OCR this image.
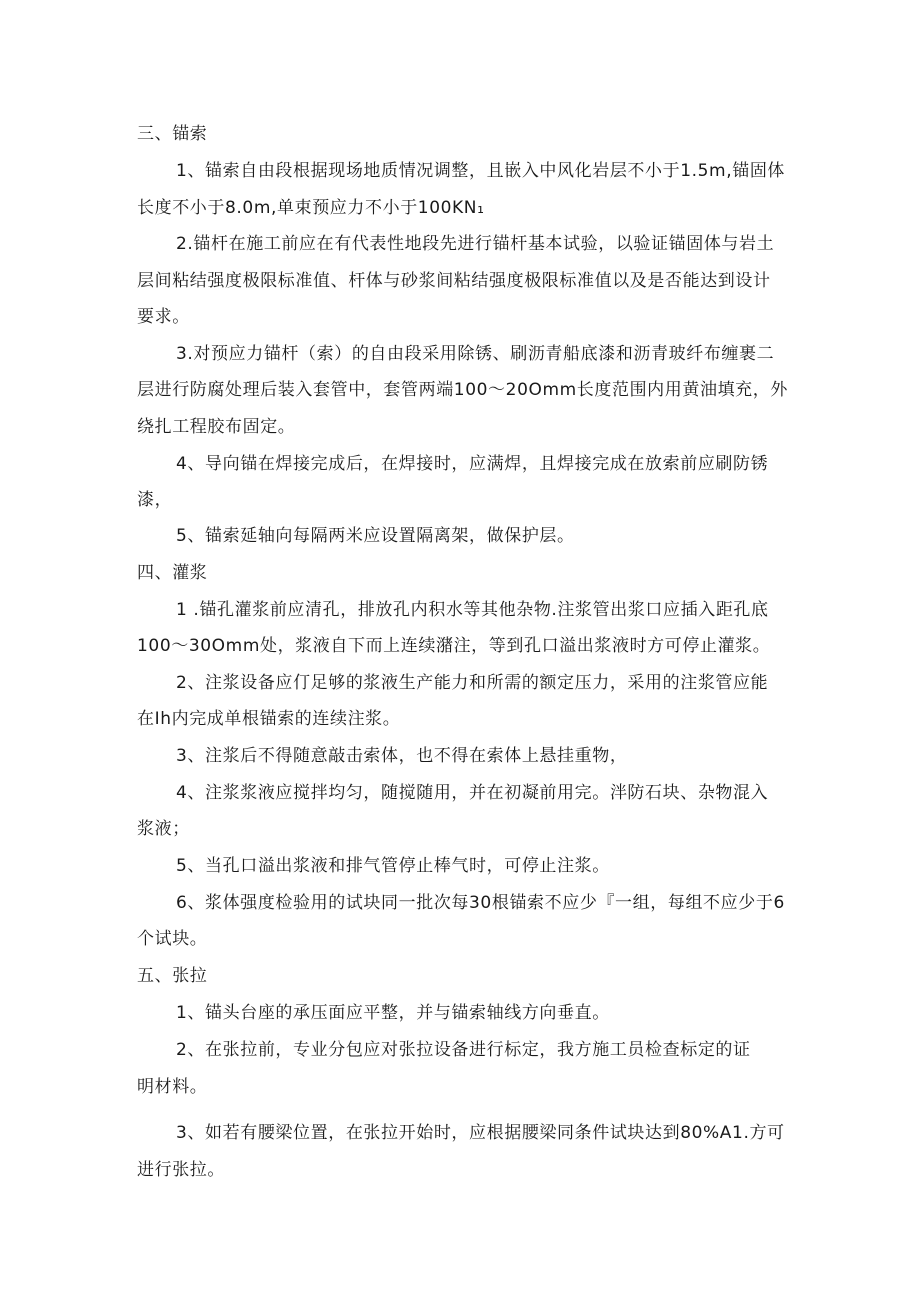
三、锚索
1、锚索自由段根据现场地质情况调整，且嵌入中风化岩层不小于1.5m,锚固体
长度不小于8.0m,单束预应力不小于100KN₁
2.锚杆在施工前应在有代表性地段先进行锚杆基本试验，以验证锚固体与岩土
层间粘结强度极限标准值、杆体与砂浆间粘结强度极限标准值以及是否能达到设计
要求。
3.对预应力锚杆（索）的自由段采用除锈、刷沥青船底漆和沥青玻纤布缠裹二
层进行防腐处理后装入套管中，套管两端100～20Omm长度范围内用黄油填充，外
绕扎工程胶布固定。
4、导向锚在焊接完成后，在焊接时，应满焊，且焊接完成在放索前应刷防锈
漆，
5、锚索延轴向每隔两米应设置隔离架，做保护层。
四、灌浆
1 .锚孔灌浆前应清孔，排放孔内积水等其他杂物.注浆管出浆口应插入距孔底
100～30Omm处，浆液自下而上连续潴注，等到孔口溢出浆液时方可停止灌浆。
2、注浆设备应仃足够的浆液生产能力和所需的额定压力，采用的注浆管应能
在Ih内完成单根锚索的连续注浆。
3、注浆后不得随意敲击索体，也不得在索体上悬挂重物，
4、注浆浆液应搅拌均匀，随搅随用，并在初凝前用完。泮防石块、杂物混入
浆液；
5、当孔口溢出浆液和排气管停止棒气时，可停止注浆。
6、浆体强度检验用的试块同一批次每30根锚索不应少『一组，每组不应少于6
个试块。
五、张拉
1、锚头台座的承压面应平整，并与锚索轴线方向垂直。
2、在张拉前，专业分包应对张拉设备进行标定，我方施工员检查标定的证
明材料。
3、如若有腰梁位置，在张拉开始时，应根据腰梁同条件试块达到80%A1.方可
进行张拉。
